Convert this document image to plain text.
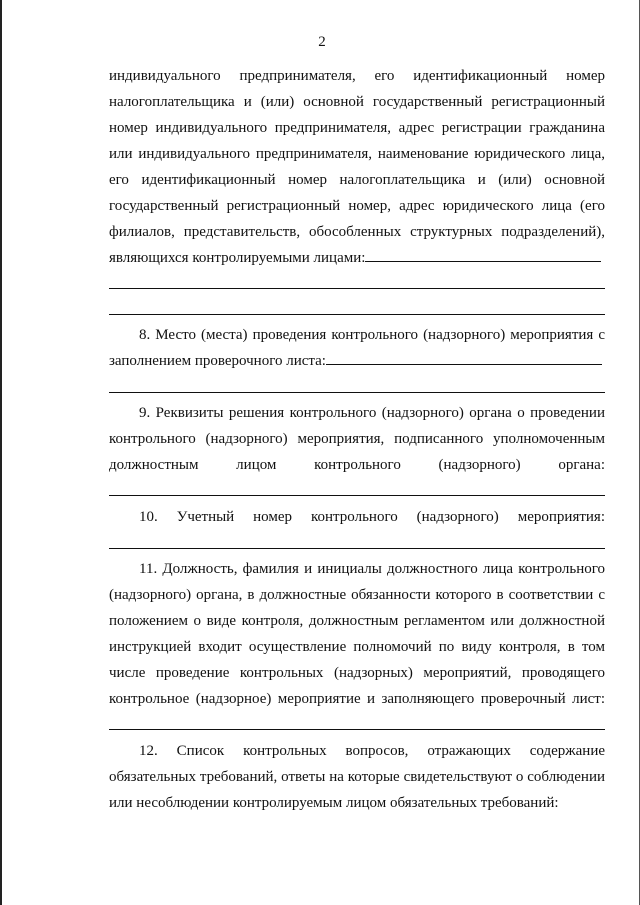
2
индивидуального предпринимателя, его идентификационный номер
налогоплательщика и (или) основной государственный регистрационный
номер индивидуального предпринимателя, адрес регистрации гражданина
или индивидуального предпринимателя, наименование юридического лица,
его идентификационный номер налогоплательщика и (или) основной
государственный регистрационный номер, адрес юридического лица (его
филиалов, представительств, обособленных структурных подразделений),
являющихся контролируемыми лицами:
8. Место (места) проведения контрольного (надзорного) мероприятия с
заполнением проверочного листа:
9. Реквизиты решения контрольного (надзорного) органа о проведении
контрольного (надзорного) мероприятия, подписанного уполномоченным
должностным лицом контрольного (надзорного) органа:
10. Учетный номер контрольного (надзорного) мероприятия:
11. Должность, фамилия и инициалы должностного лица контрольного
(надзорного) органа, в должностные обязанности которого в соответствии с
положением о виде контроля, должностным регламентом или должностной
инструкцией входит осуществление полномочий по виду контроля, в том
числе проведение контрольных (надзорных) мероприятий, проводящего
контрольное (надзорное) мероприятие и заполняющего проверочный лист:
12. Список контрольных вопросов, отражающих содержание
обязательных требований, ответы на которые свидетельствуют о соблюдении
или несоблюдении контролируемым лицом обязательных требований:
